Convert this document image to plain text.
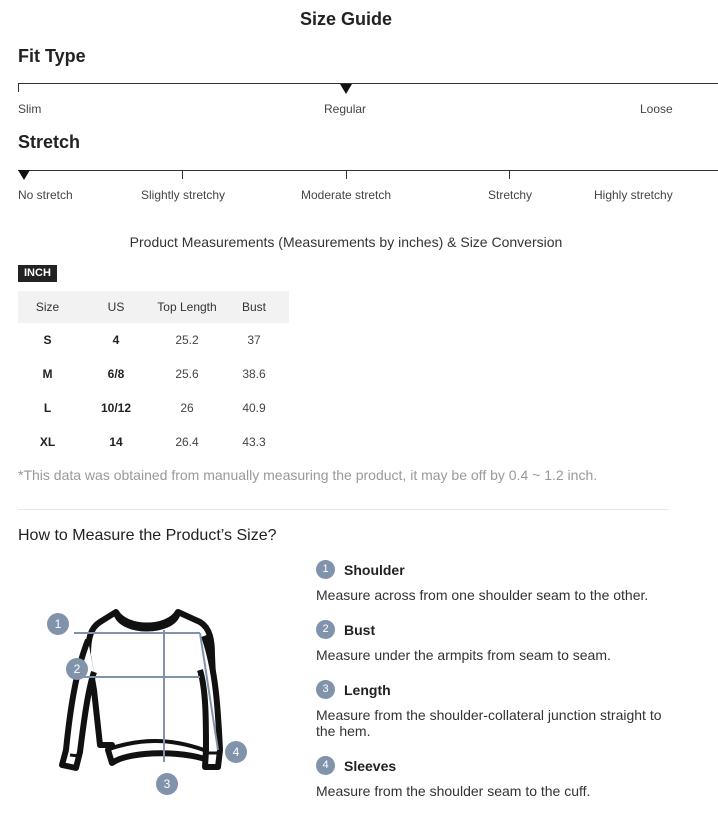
Size Guide
Fit Type
Slim	Regular	Loose
Stretch
No stretch	Slightly stretchy	Moderate stretch	Stretchy	Highly stretchy
Product Measurements (Measurements by inches) & Size Conversion
INCH
Size	US	Top Length	Bust
S	4	25.2	37
M	6/8	25.6	38.6
L	10/12	26	40.9
XL	14	26.4	43.3
*This data was obtained from manually measuring the product, it may be off by 0.4 ~ 1.2 inch.
How to Measure the Product’s Size?
1
2
3
4
1	Shoulder
Measure across from one shoulder seam to the other.
2	Bust
Measure under the armpits from seam to seam.
3	Length
Measure from the shoulder-collateral junction straight to the hem.
4	Sleeves
Measure from the shoulder seam to the cuff.
